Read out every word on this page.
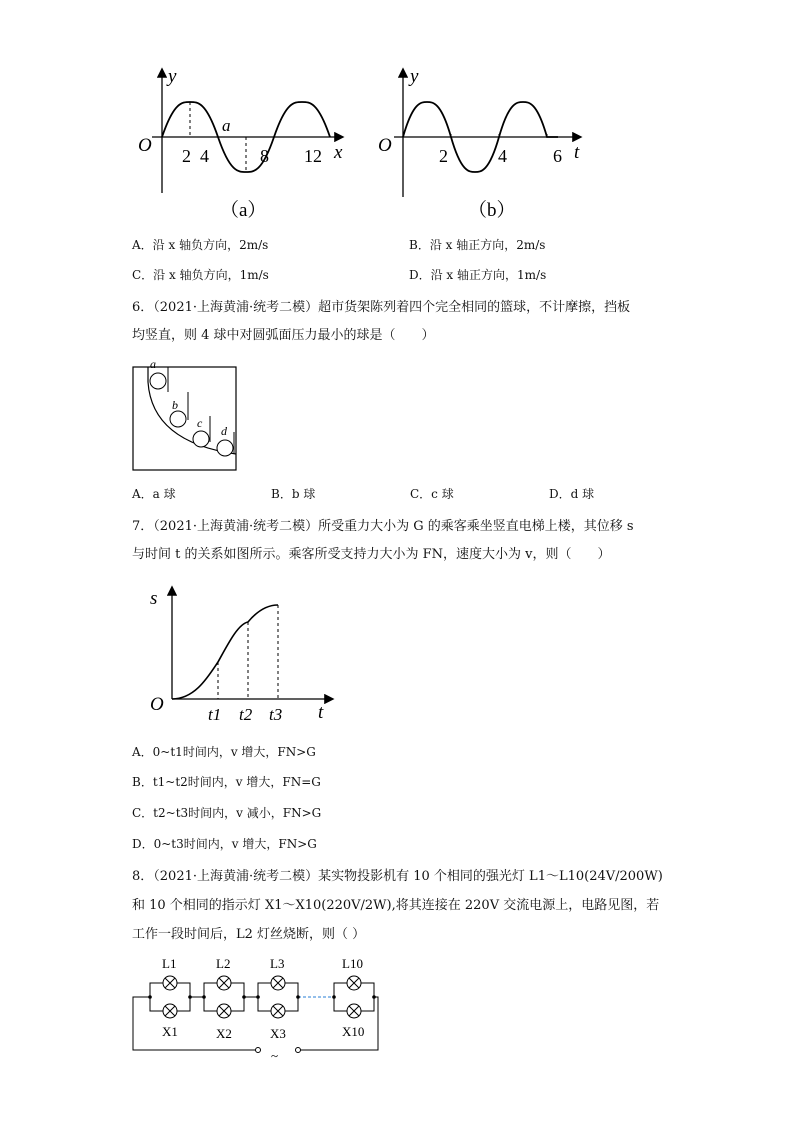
y
x
O 2 4	8 12
a
（a）
y
t
O	2	4	6
（b）
A．沿 x 轴负方向，2m/s	B．沿 x 轴正方向，2m/s
C．沿 x 轴负方向，1m/s	D．沿 x 轴正方向，1m/s
6．（2021·上海黄浦·统考二模）超市货架陈列着四个完全相同的篮球，不计摩擦，挡板
均竖直，则 4 球中对圆弧面压力最小的球是（　　）
a
b
c
d
A．a 球	B．b 球	C．c 球	D．d 球
7．（2021·上海黄浦·统考二模）所受重力大小为 G 的乘客乘坐竖直电梯上楼，其位移 s
与时间 t 的关系如图所示。乘客所受支持力大小为 FN，速度大小为 v，则（　　）
s
t
O	t1 t2 t3
A．0~t1时间内，v 增大，FN>G
B．t1~t2时间内，v 增大，FN=G
C．t2~t3时间内，v 减小，FN>G
D．0~t3时间内，v 增大，FN>G
8．（2021·上海黄浦·统考二模）某实物投影机有 10 个相同的强光灯 L1～L10(24V/200W)
和 10 个相同的指示灯 X1～X10(220V/2W),将其连接在 220V 交流电源上，电路见图，若
工作一段时间后，L2 灯丝烧断，则（ ）
~
L1	L2	L3	L10
X1	X2	X3	X10
